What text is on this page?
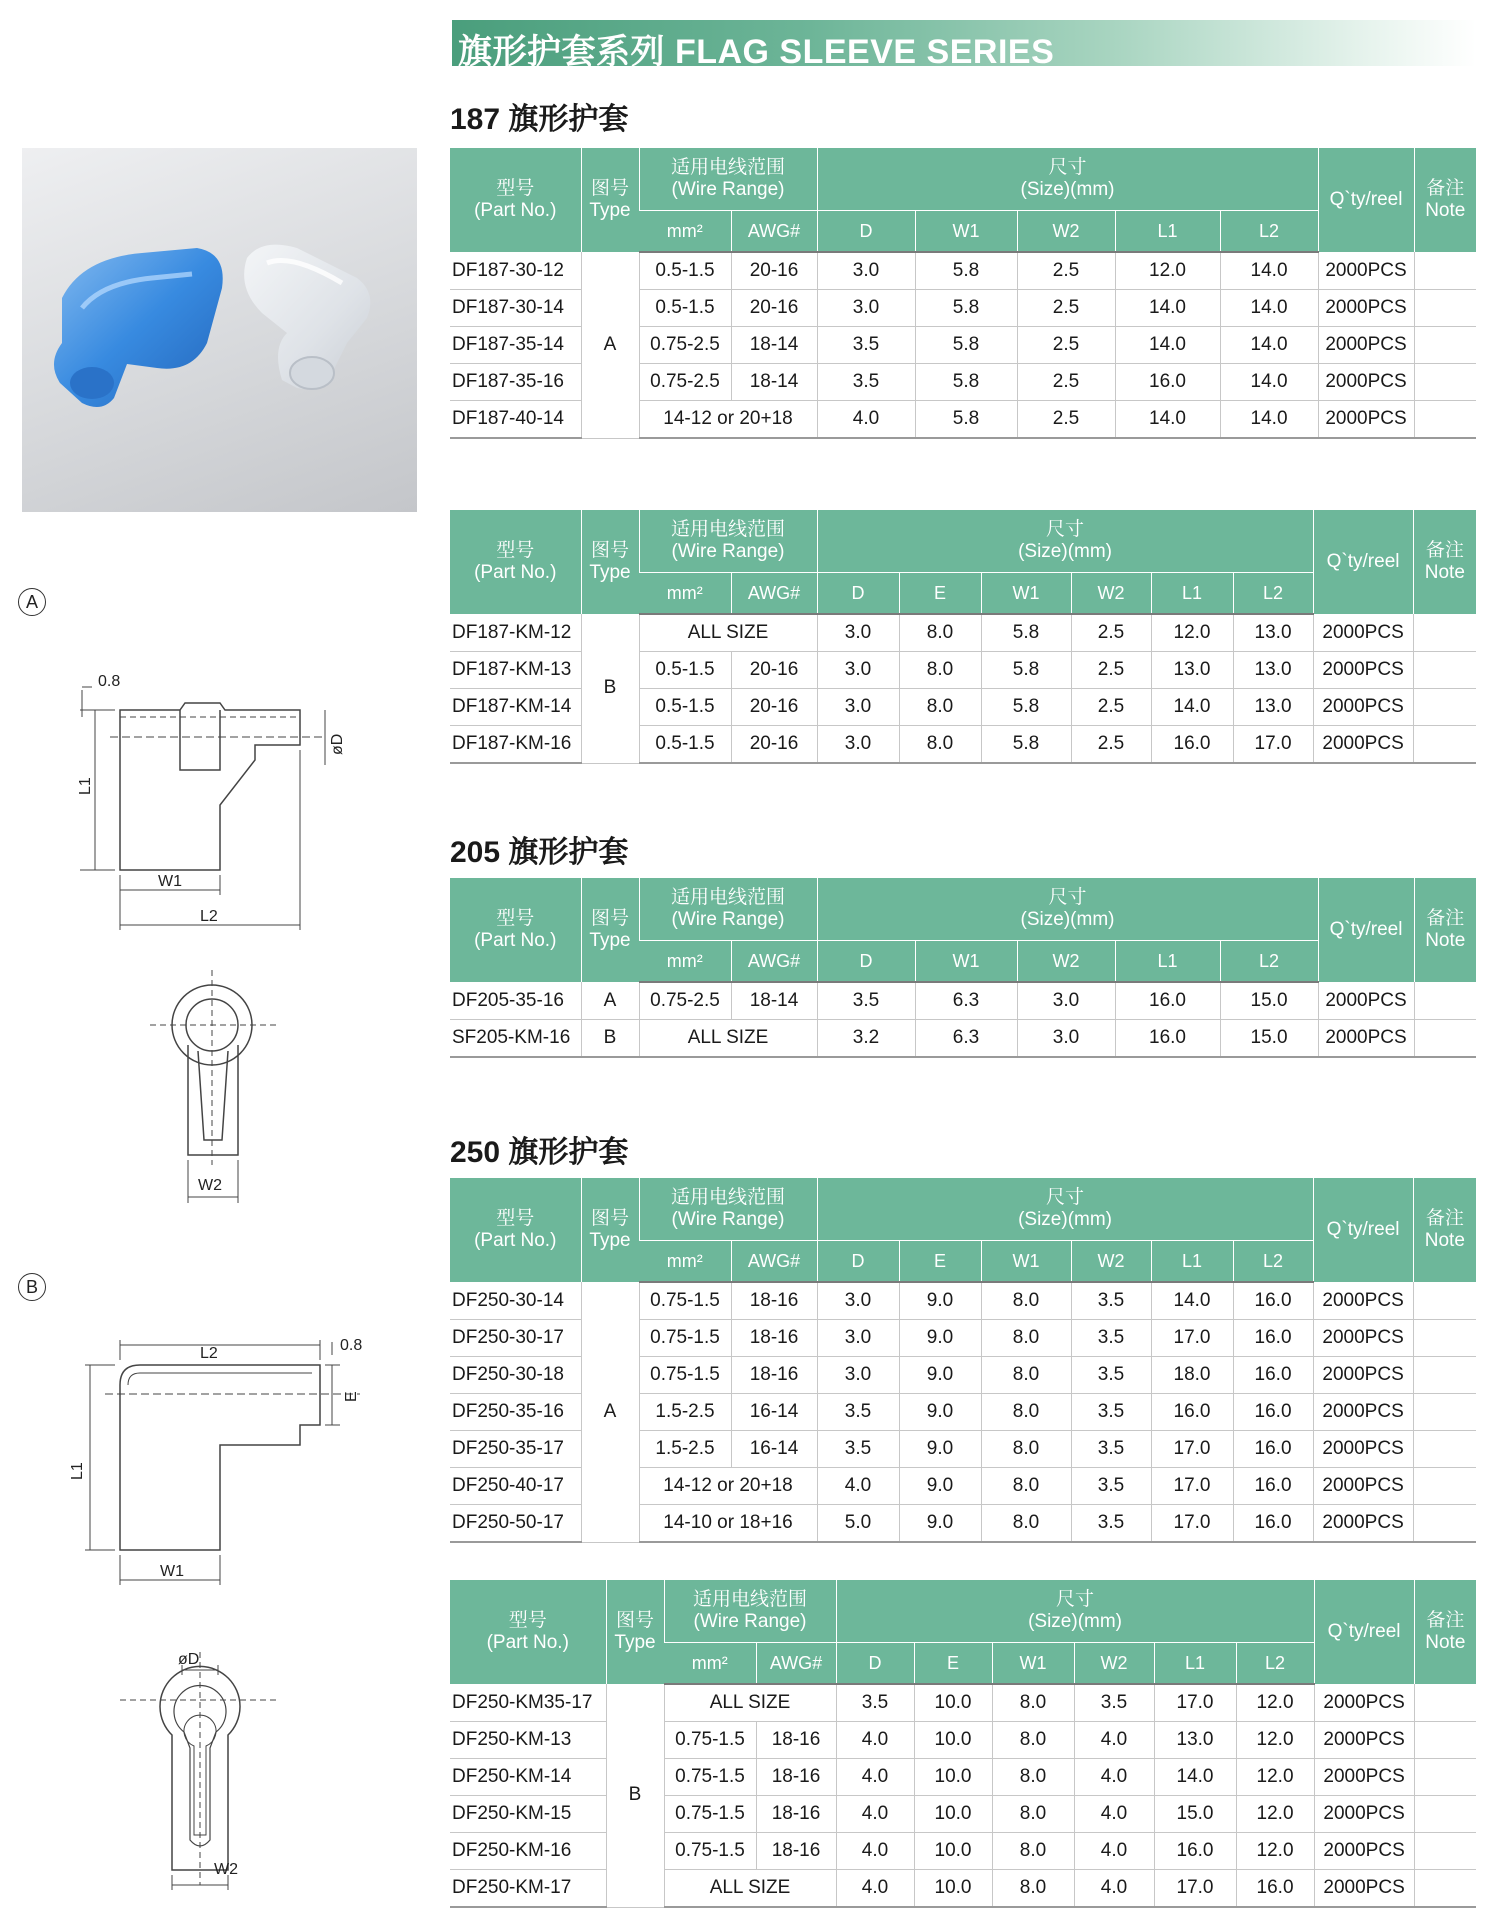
旗形护套系列 FLAG SLEEVE SERIES
187 旗形护套
205 旗形护套
250 旗形护套
A
B
0.8
L1
W1
L2
øD
W2
L2	0.8
L1
W1
E
øD
W2
型号
(Part No.)	图号
Type	适用电线范围
(Wire Range)		尺寸
(Size)(mm)					Q`ty/reel	备注
Note
		mm²	AWG#	D	W1	W2	L1	L2		
DF187-30-12	A	0.5-1.5	20-16	3.0	5.8	2.5	12.0	14.0	2000PCS	
DF187-30-14		0.5-1.5	20-16	3.0	5.8	2.5	14.0	14.0	2000PCS	
DF187-35-14		0.75-2.5	18-14	3.5	5.8	2.5	14.0	14.0	2000PCS	
DF187-35-16		0.75-2.5	18-14	3.5	5.8	2.5	16.0	14.0	2000PCS	
DF187-40-14		14-12 or 20+18		4.0	5.8	2.5	14.0	14.0	2000PCS	
型号
(Part No.)	图号
Type	适用电线范围
(Wire Range)		尺寸
(Size)(mm)						Q`ty/reel	备注
Note
		mm²	AWG#	D	E	W1	W2	L1	L2		
DF187-KM-12	B	ALL SIZE		3.0	8.0	5.8	2.5	12.0	13.0	2000PCS	
DF187-KM-13		0.5-1.5	20-16	3.0	8.0	5.8	2.5	13.0	13.0	2000PCS	
DF187-KM-14		0.5-1.5	20-16	3.0	8.0	5.8	2.5	14.0	13.0	2000PCS	
DF187-KM-16		0.5-1.5	20-16	3.0	8.0	5.8	2.5	16.0	17.0	2000PCS	
型号
(Part No.)	图号
Type	适用电线范围
(Wire Range)		尺寸
(Size)(mm)					Q`ty/reel	备注
Note
		mm²	AWG#	D	W1	W2	L1	L2		
DF205-35-16	A	0.75-2.5	18-14	3.5	6.3	3.0	16.0	15.0	2000PCS	
SF205-KM-16	B	ALL SIZE		3.2	6.3	3.0	16.0	15.0	2000PCS	
型号
(Part No.)	图号
Type	适用电线范围
(Wire Range)		尺寸
(Size)(mm)						Q`ty/reel	备注
Note
		mm²	AWG#	D	E	W1	W2	L1	L2		
DF250-30-14	A	0.75-1.5	18-16	3.0	9.0	8.0	3.5	14.0	16.0	2000PCS	
DF250-30-17		0.75-1.5	18-16	3.0	9.0	8.0	3.5	17.0	16.0	2000PCS	
DF250-30-18		0.75-1.5	18-16	3.0	9.0	8.0	3.5	18.0	16.0	2000PCS	
DF250-35-16		1.5-2.5	16-14	3.5	9.0	8.0	3.5	16.0	16.0	2000PCS	
DF250-35-17		1.5-2.5	16-14	3.5	9.0	8.0	3.5	17.0	16.0	2000PCS	
DF250-40-17		14-12 or 20+18		4.0	9.0	8.0	3.5	17.0	16.0	2000PCS	
DF250-50-17		14-10 or 18+16		5.0	9.0	8.0	3.5	17.0	16.0	2000PCS	
型号
(Part No.)	图号
Type	适用电线范围
(Wire Range)		尺寸
(Size)(mm)						Q`ty/reel	备注
Note
		mm²	AWG#	D	E	W1	W2	L1	L2		
DF250-KM35-17	B	ALL SIZE		3.5	10.0	8.0	3.5	17.0	12.0	2000PCS	
DF250-KM-13		0.75-1.5	18-16	4.0	10.0	8.0	4.0	13.0	12.0	2000PCS	
DF250-KM-14		0.75-1.5	18-16	4.0	10.0	8.0	4.0	14.0	12.0	2000PCS	
DF250-KM-15		0.75-1.5	18-16	4.0	10.0	8.0	4.0	15.0	12.0	2000PCS	
DF250-KM-16		0.75-1.5	18-16	4.0	10.0	8.0	4.0	16.0	12.0	2000PCS	
DF250-KM-17		ALL SIZE		4.0	10.0	8.0	4.0	17.0	16.0	2000PCS	
